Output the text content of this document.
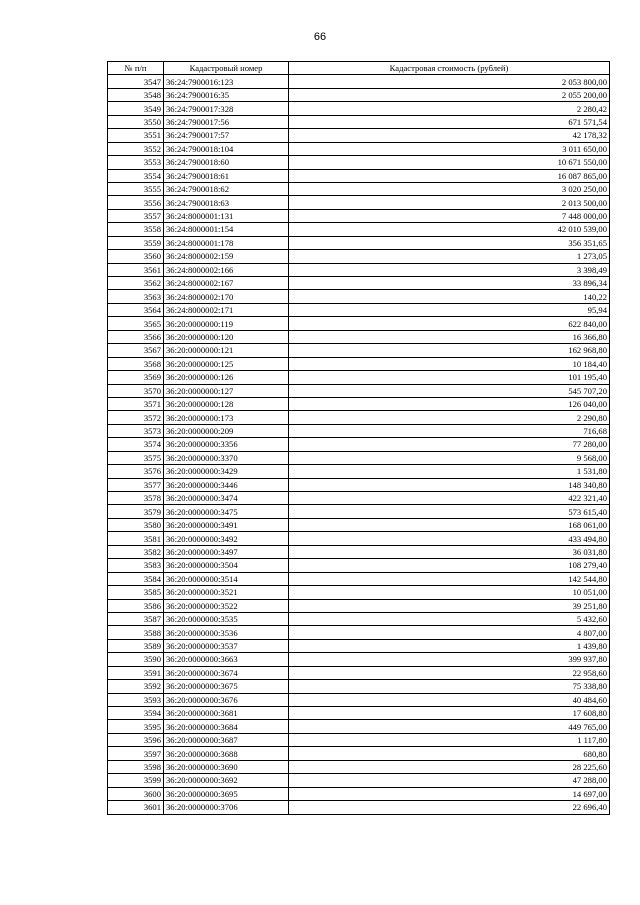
66
№ п/п	Кадастровый номер	Кадастровая стоимость (рублей)
3547	36:24:7900016:123	2 053 800,00
3548	36:24:7900016:35	2 055 200,00
3549	36:24:7900017:328	2 280,42
3550	36:24:7900017:56	671 571,54
3551	36:24:7900017:57	42 178,32
3552	36:24:7900018:104	3 011 650,00
3553	36:24:7900018:60	10 671 550,00
3554	36:24:7900018:61	16 087 865,00
3555	36:24:7900018:62	3 020 250,00
3556	36:24:7900018:63	2 013 500,00
3557	36:24:8000001:131	7 448 000,00
3558	36:24:8000001:154	42 010 539,00
3559	36:24:8000001:178	356 351,65
3560	36:24:8000002:159	1 273,05
3561	36:24:8000002:166	3 398,49
3562	36:24:8000002:167	33 896,34
3563	36:24:8000002:170	140,22
3564	36:24:8000002:171	95,94
3565	36:20:0000000:119	622 840,00
3566	36:20:0000000:120	16 366,80
3567	36:20:0000000:121	162 968,80
3568	36:20:0000000:125	10 184,40
3569	36:20:0000000:126	101 195,40
3570	36:20:0000000:127	545 707,20
3571	36:20:0000000:128	126 040,00
3572	36:20:0000000:173	2 290,80
3573	36:20:0000000:209	716,68
3574	36:20:0000000:3356	77 280,00
3575	36:20:0000000:3370	9 568,00
3576	36:20:0000000:3429	1 531,80
3577	36:20:0000000:3446	148 340,80
3578	36:20:0000000:3474	422 321,40
3579	36:20:0000000:3475	573 615,40
3580	36:20:0000000:3491	168 061,00
3581	36:20:0000000:3492	433 494,80
3582	36:20:0000000:3497	36 031,80
3583	36:20:0000000:3504	108 279,40
3584	36:20:0000000:3514	142 544,80
3585	36:20:0000000:3521	10 051,00
3586	36:20:0000000:3522	39 251,80
3587	36:20:0000000:3535	5 432,60
3588	36:20:0000000:3536	4 807,00
3589	36:20:0000000:3537	1 439,80
3590	36:20:0000000:3663	399 937,80
3591	36:20:0000000:3674	22 958,60
3592	36:20:0000000:3675	75 338,80
3593	36:20:0000000:3676	40 484,60
3594	36:20:0000000:3681	17 608,80
3595	36:20:0000000:3684	449 765,00
3596	36:20:0000000:3687	1 117,80
3597	36:20:0000000:3688	680,80
3598	36:20:0000000:3690	28 225,60
3599	36:20:0000000:3692	47 288,00
3600	36:20:0000000:3695	14 697,00
3601	36:20:0000000:3706	22 696,40
